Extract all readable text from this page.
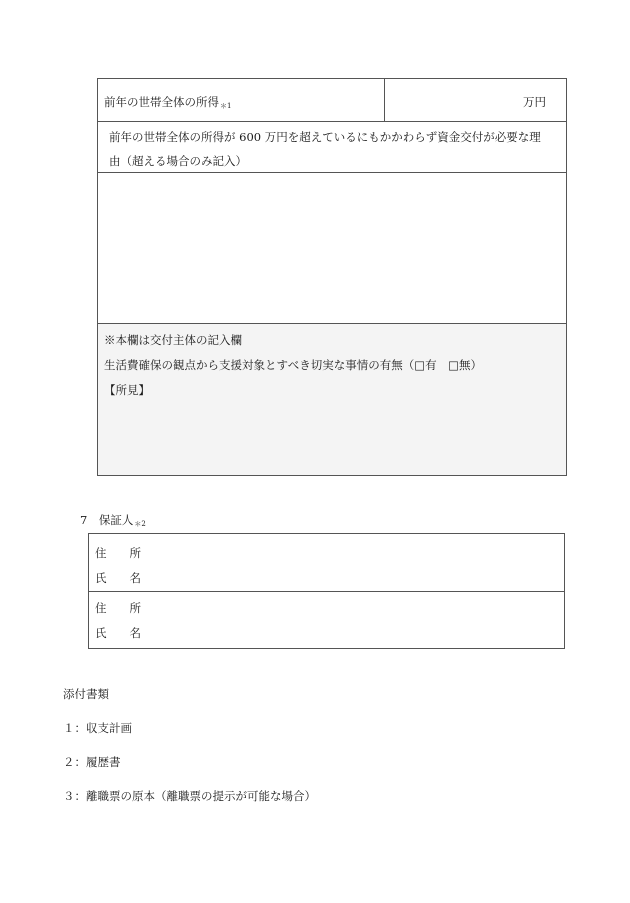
前年の世帯全体の所得$_{*1}$	万円
前年の世帯全体の所得が 600 万円を超えているにもかかわらず資金交付が必要な理
由（超える場合のみ記入）
※本欄は交付主体の記入欄
生活費確保の観点から支援対象とすべき切実な事情の有無（□有　□無）
【所見】
7　保証人$_{*2}$
住　　所
氏　　名
住　　所
氏　　名
添付書類
１：収支計画
２：履歴書
３：離職票の原本（離職票の提示が可能な場合）
